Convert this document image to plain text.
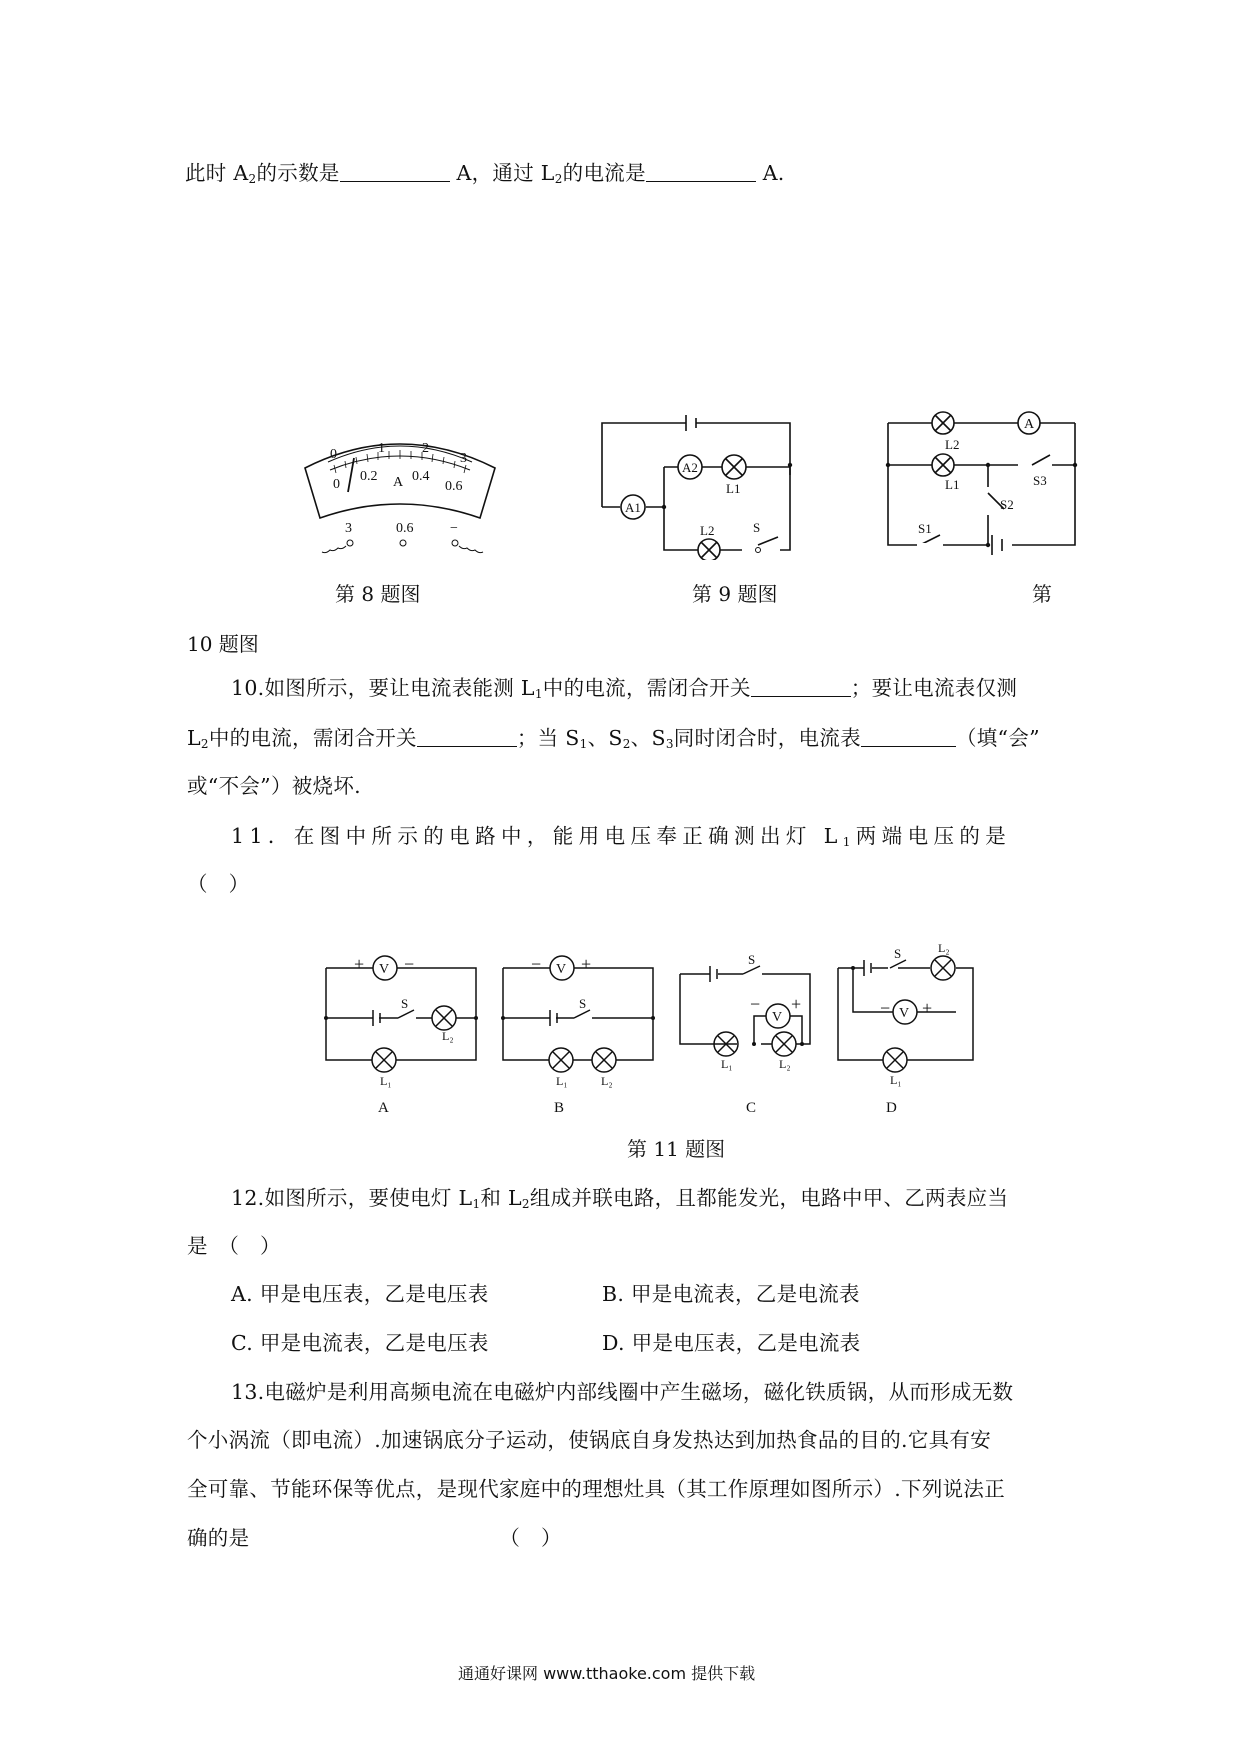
此时 $A_2$的示数是	A，通过 $L_2$的电流是	A.
0	1	2
3
0
0.2 0.4
0.6
A
3	0.6	−
第 8 题图
A1
A2
L1
L2	S
第 9 题图
A
L2
L1
S1
S2
S3
第
10 题图
10.如图所示，要让电流表能测 $L_1$中的电流，需闭合开关	；要让电流表仅测
$L_2$中的电流，需闭合开关	；当 $S_1$、$S_2$、$S_3$同时闭合时，电流表	（填“会”
或“不会”）被烧坏.
11．在图中所示的电路中，能用电压奉正确测出灯 $L_1$两端电压的是
（　）
V	V
V	V
+ −	− +
− +	− +
S	S
S	S
L₁
L₂
L₁	L₂
L₁	L₂
L₂
L₁
A	B	C	D
第 11 题图
12.如图所示，要使电灯 $L_1$和 $L_2$组成并联电路，且都能发光，电路中甲、乙两表应当
是　（　）
A. 甲是电压表，乙是电压表	B. 甲是电流表，乙是电流表
C. 甲是电流表，乙是电压表	D. 甲是电压表，乙是电流表
13.电磁炉是利用高频电流在电磁炉内部线圈中产生磁场，磁化铁质锅，从而形成无数
个小涡流（即电流）.加速锅底分子运动，使锅底自身发热达到加热食品的目的.它具有安
全可靠、节能环保等优点，是现代家庭中的理想灶具（其工作原理如图所示）.下列说法正
确的是	（　）
通通好课网 www.tthaoke.com 提供下载
